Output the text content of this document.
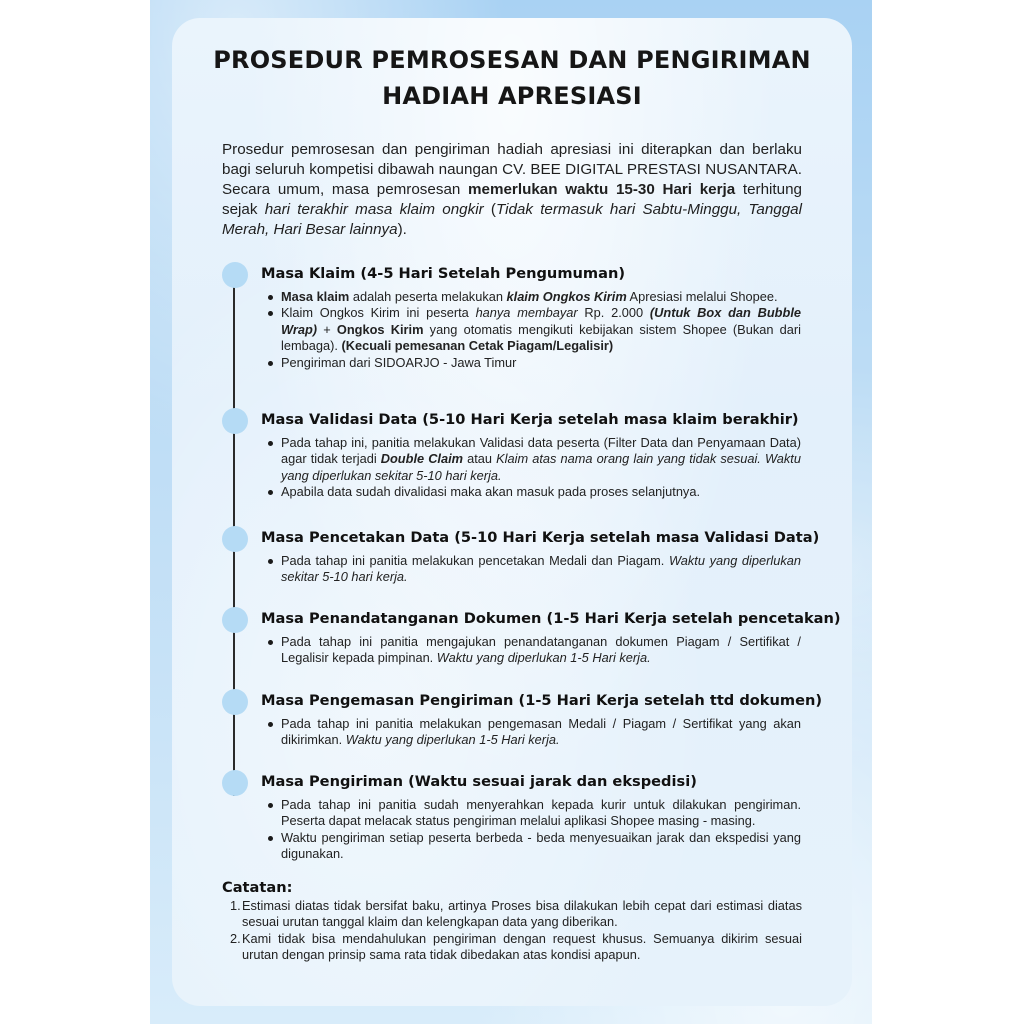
PROSEDUR PEMROSESAN DAN PENGIRIMAN
HADIAH APRESIASI
Prosedur pemrosesan dan pengiriman hadiah apresiasi ini diterapkan dan berlaku bagi seluruh kompetisi dibawah naungan CV. BEE DIGITAL PRESTASI NUSANTARA. Secara umum, masa pemrosesan memerlukan waktu 15-30 Hari kerja terhitung sejak hari terakhir masa klaim ongkir (Tidak termasuk hari Sabtu-Minggu, Tanggal Merah, Hari Besar lainnya).
Masa Klaim (4-5 Hari Setelah Pengumuman)
Masa klaim adalah peserta melakukan klaim Ongkos Kirim Apresiasi melalui Shopee.
Klaim Ongkos Kirim ini peserta hanya membayar Rp. 2.000 (Untuk Box dan Bubble Wrap) + Ongkos Kirim yang otomatis mengikuti kebijakan sistem Shopee (Bukan dari lembaga). (Kecuali pemesanan Cetak Piagam/Legalisir)
Pengiriman dari SIDOARJO - Jawa Timur
Masa Validasi Data (5-10 Hari Kerja setelah masa klaim berakhir)
Pada tahap ini, panitia melakukan Validasi data peserta (Filter Data dan Penyamaan Data) agar tidak terjadi Double Claim atau Klaim atas nama orang lain yang tidak sesuai. Waktu yang diperlukan sekitar 5-10 hari kerja.
Apabila data sudah divalidasi maka akan masuk pada proses selanjutnya.
Masa Pencetakan Data (5-10 Hari Kerja setelah masa Validasi Data)
Pada tahap ini panitia melakukan pencetakan Medali dan Piagam. Waktu yang diperlukan sekitar 5-10 hari kerja.
Masa Penandatanganan Dokumen (1-5 Hari Kerja setelah pencetakan)
Pada tahap ini panitia mengajukan penandatanganan dokumen Piagam / Sertifikat / Legalisir kepada pimpinan. Waktu yang diperlukan 1-5 Hari kerja.
Masa Pengemasan Pengiriman (1-5 Hari Kerja setelah ttd dokumen)
Pada tahap ini panitia melakukan pengemasan Medali / Piagam / Sertifikat yang akan dikirimkan. Waktu yang diperlukan 1-5 Hari kerja.
Masa Pengiriman (Waktu sesuai jarak dan ekspedisi)
Pada tahap ini panitia sudah menyerahkan kepada kurir untuk dilakukan pengiriman. Peserta dapat melacak status pengiriman melalui aplikasi Shopee masing - masing.
Waktu pengiriman setiap peserta berbeda - beda menyesuaikan jarak dan ekspedisi yang digunakan.
Catatan:
1. Estimasi diatas tidak bersifat baku, artinya Proses bisa dilakukan lebih cepat dari estimasi diatas sesuai urutan tanggal klaim dan kelengkapan data yang diberikan.
2. Kami tidak bisa mendahulukan pengiriman dengan request khusus. Semuanya dikirim sesuai urutan dengan prinsip sama rata tidak dibedakan atas kondisi apapun.
